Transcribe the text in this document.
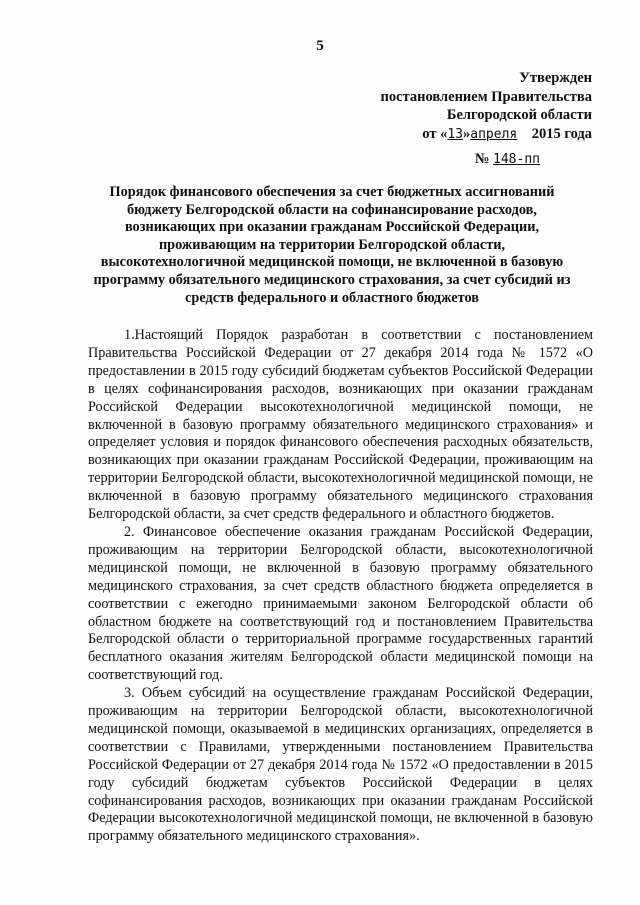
5
Утвержден
постановлением Правительства
Белгородской области
от «13»апреля 2015 года
№ 148-пп
Порядок финансового обеспечения за счет бюджетных ассигнований бюджету Белгородской области на софинансирование расходов, возникающих при оказании гражданам Российской Федерации, проживающим на территории Белгородской области, высокотехнологичной медицинской помощи, не включенной в базовую программу обязательного медицинского страхования, за счет субсидий из средств федерального и областного бюджетов

1.Настоящий Порядок разработан в соответствии с постановлением Правительства Российской Федерации от 27 декабря 2014 года № 1572 «О предоставлении в 2015 году субсидий бюджетам субъектов Российской Федерации в целях софинансирования расходов, возникающих при оказании гражданам Российской Федерации высокотехнологичной медицинской помощи, не включенной в базовую программу обязательного медицинского страхования» и определяет условия и порядок финансового обеспечения расходных обязательств, возникающих при оказании гражданам Российской Федерации, проживающим на территории Белгородской области, высокотехнологичной медицинской помощи, не включенной в базовую программу обязательного медицинского страхования Белгородской области, за счет средств федерального и областного бюджетов.

2. Финансовое обеспечение оказания гражданам Российской Федерации, проживающим на территории Белгородской области, высокотехнологичной медицинской помощи, не включенной в базовую программу обязательного медицинского страхования, за счет средств областного бюджета определяется в соответствии с ежегодно принимаемыми законом Белгородской области об областном бюджете на соответствующий год и постановлением Правительства Белгородской области о территориальной программе государственных гарантий бесплатного оказания жителям Белгородской области медицинской помощи на соответствующий год.

3. Объем субсидий на осуществление гражданам Российской Федерации, проживающим на территории Белгородской области, высокотехнологичной медицинской помощи, оказываемой в медицинских организациях, определяется в соответствии с Правилами, утвержденными постановлением Правительства Российской Федерации от 27 декабря 2014 года № 1572 «О предоставлении в 2015 году субсидий бюджетам субъектов Российской Федерации в целях софинансирования расходов, возникающих при оказании гражданам Российской Федерации высокотехнологичной медицинской помощи, не включенной в базовую программу обязательного медицинского страхования».
